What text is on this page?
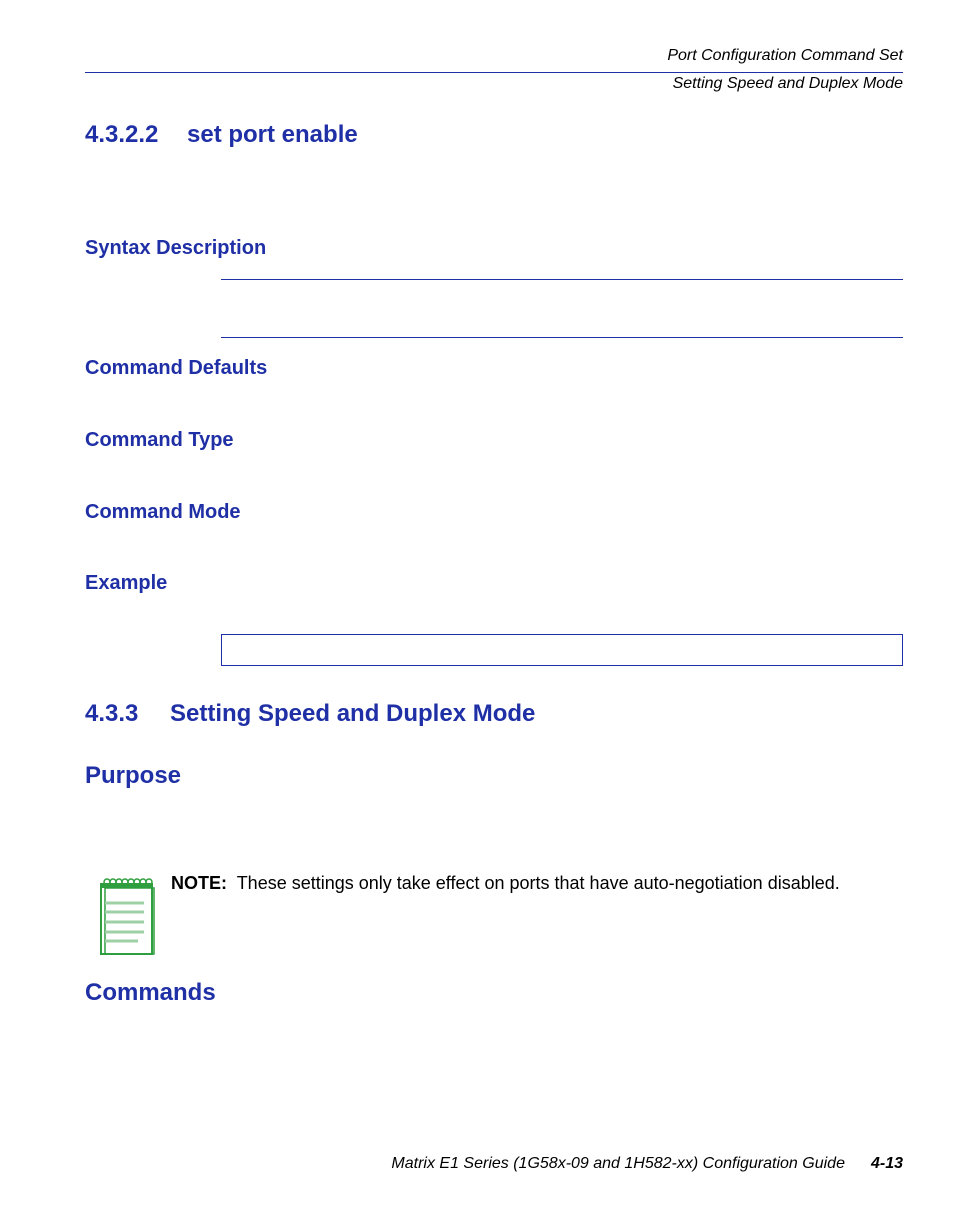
Port Configuration Command Set
Setting Speed and Duplex Mode
4.3.2.2 set port enable
Syntax Description
Command Defaults
Command Type
Command Mode
Example
4.3.3 Setting Speed and Duplex Mode
Purpose
NOTE: These settings only take effect on ports that have auto-negotiation disabled.
Commands
Matrix E1 Series (1G58x-09 and 1H582-xx) Configuration Guide 4-13
